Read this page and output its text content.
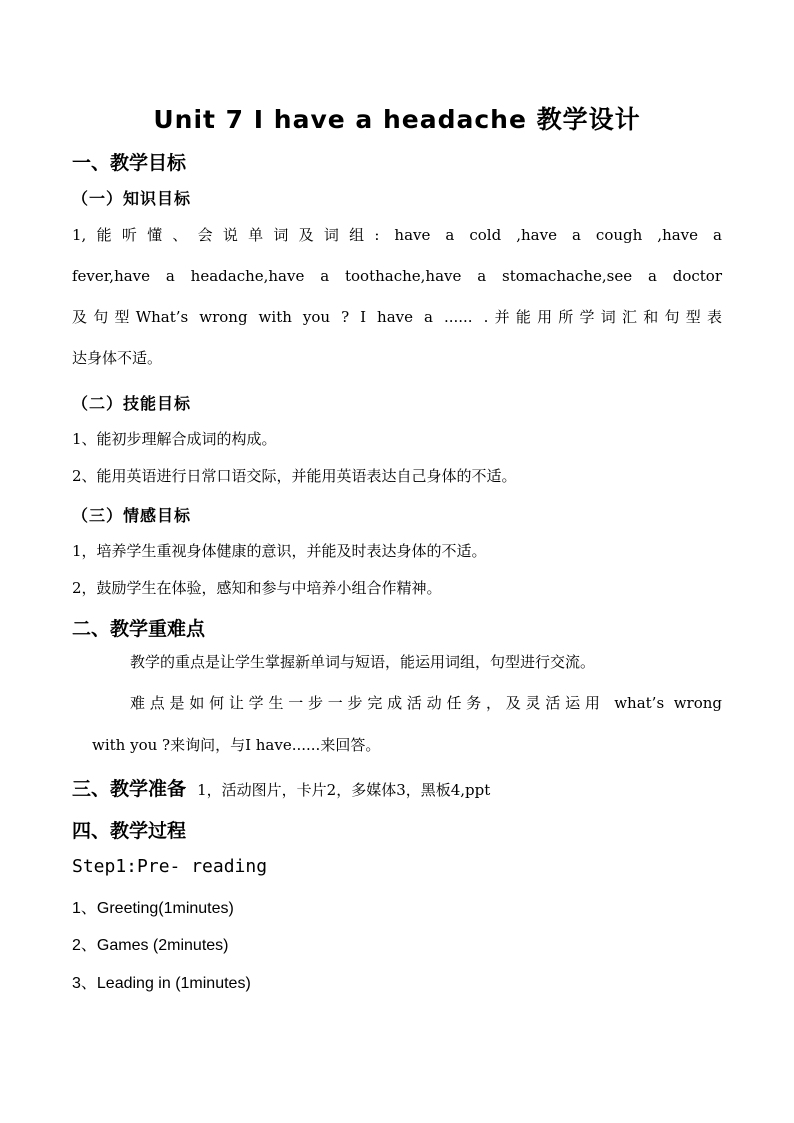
Unit 7 I have a headache 教学设计
一、教学目标
（一）知识目标

1,能听懂、会说单词及词组: have a cold ,have a cough ,have a

fever,have a headache,have a toothache,have a stomachache,see a doctor

及句型What’s wrong with you ? I have a ...... .并能用所学词汇和句型表

达身体不适。

（二）技能目标

1、能初步理解合成词的构成。

2、能用英语进行日常口语交际，并能用英语表达自己身体的不适。

（三）情感目标

1，培养学生重视身体健康的意识，并能及时表达身体的不适。

2，鼓励学生在体验，感知和参与中培养小组合作精神。

二、教学重难点

教学的重点是让学生掌握新单词与短语，能运用词组，句型进行交流。

难点是如何让学生一步一步完成活动任务，及灵活运用 what’s wrong

with you ?来询问，与I have......来回答。

三、教学准备 1，活动图片，卡片2，多媒体3，黑板4,ppt
四、教学过程

Step1:Pre- reading

1、Greeting(1minutes)

2、Games (2minutes)

3、Leading in (1minutes)
